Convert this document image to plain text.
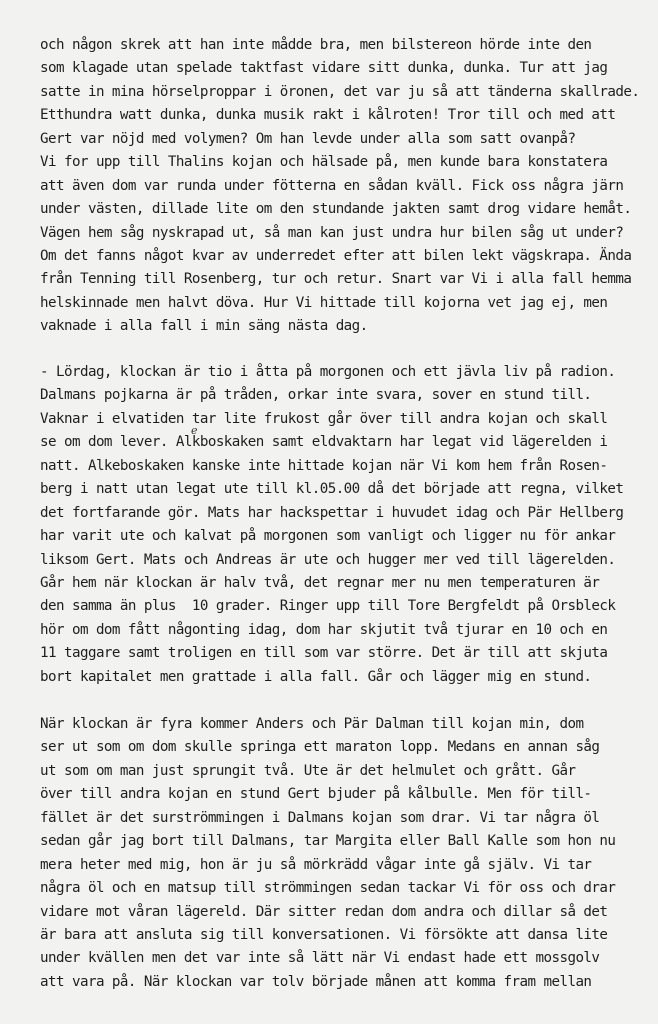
och någon skrek att han inte mådde bra, men bilstereon hörde inte den
som klagade utan spelade taktfast vidare sitt dunka, dunka. Tur att jag
satte in mina hörselproppar i öronen, det var ju så att tänderna skallrade.
Etthundra watt dunka, dunka musik rakt i kålroten! Tror till och med att
Gert var nöjd med volymen? Om han levde under alla som satt ovanpå?
Vi for upp till Thalins kojan och hälsade på, men kunde bara konstatera
att även dom var runda under fötterna en sådan kväll. Fick oss några järn
under västen, dillade lite om den stundande jakten samt drog vidare hemåt.
Vägen hem såg nyskrapad ut, så man kan just undra hur bilen såg ut under?
Om det fanns något kvar av underredet efter att bilen lekt vägskrapa. Ända
från Tenning till Rosenberg, tur och retur. Snart var Vi i alla fall hemma
helskinnade men halvt döva. Hur Vi hittade till kojorna vet jag ej, men
vaknade i alla fall i min säng nästa dag.
- Lördag, klockan är tio i åtta på morgonen och ett jävla liv på radion.
Dalmans pojkarna är på tråden, orkar inte svara, sover en stund till.
Vaknar i elvatiden tar lite frukost går över till andra kojan och skall
se om dom lever. Alkboskaken samt eldvaktarn har legat vid lägerelden i
natt. Alkeboskaken kanske inte hittade kojan när Vi kom hem från Rosen-
berg i natt utan legat ute till kl.05.00 då det började att regna, vilket
det fortfarande gör. Mats har hackspettar i huvudet idag och Pär Hellberg
har varit ute och kalvat på morgonen som vanligt och ligger nu för ankar
liksom Gert. Mats och Andreas är ute och hugger mer ved till lägerelden.
Går hem när klockan är halv två, det regnar mer nu men temperaturen är
den samma än plus  10 grader. Ringer upp till Tore Bergfeldt på Orsbleck
hör om dom fått någonting idag, dom har skjutit två tjurar en 10 och en
11 taggare samt troligen en till som var större. Det är till att skjuta
bort kapitalet men grattade i alla fall. Går och lägger mig en stund.
När klockan är fyra kommer Anders och Pär Dalman till kojan min, dom
ser ut som om dom skulle springa ett maraton lopp. Medans en annan såg
ut som om man just sprungit två. Ute är det helmulet och grått. Går
över till andra kojan en stund Gert bjuder på kålbulle. Men för till-
fället är det surströmmingen i Dalmans kojan som drar. Vi tar några öl
sedan går jag bort till Dalmans, tar Margita eller Ball Kalle som hon nu
mera heter med mig, hon är ju så mörkrädd vågar inte gå själv. Vi tar
några öl och en matsup till strömmingen sedan tackar Vi för oss och drar
vidare mot våran lägereld. Där sitter redan dom andra och dillar så det
är bara att ansluta sig till konversationen. Vi försökte att dansa lite
under kvällen men det var inte så lätt när Vi endast hade ett mossgolv
att vara på. När klockan var tolv började månen att komma fram mellan
e
